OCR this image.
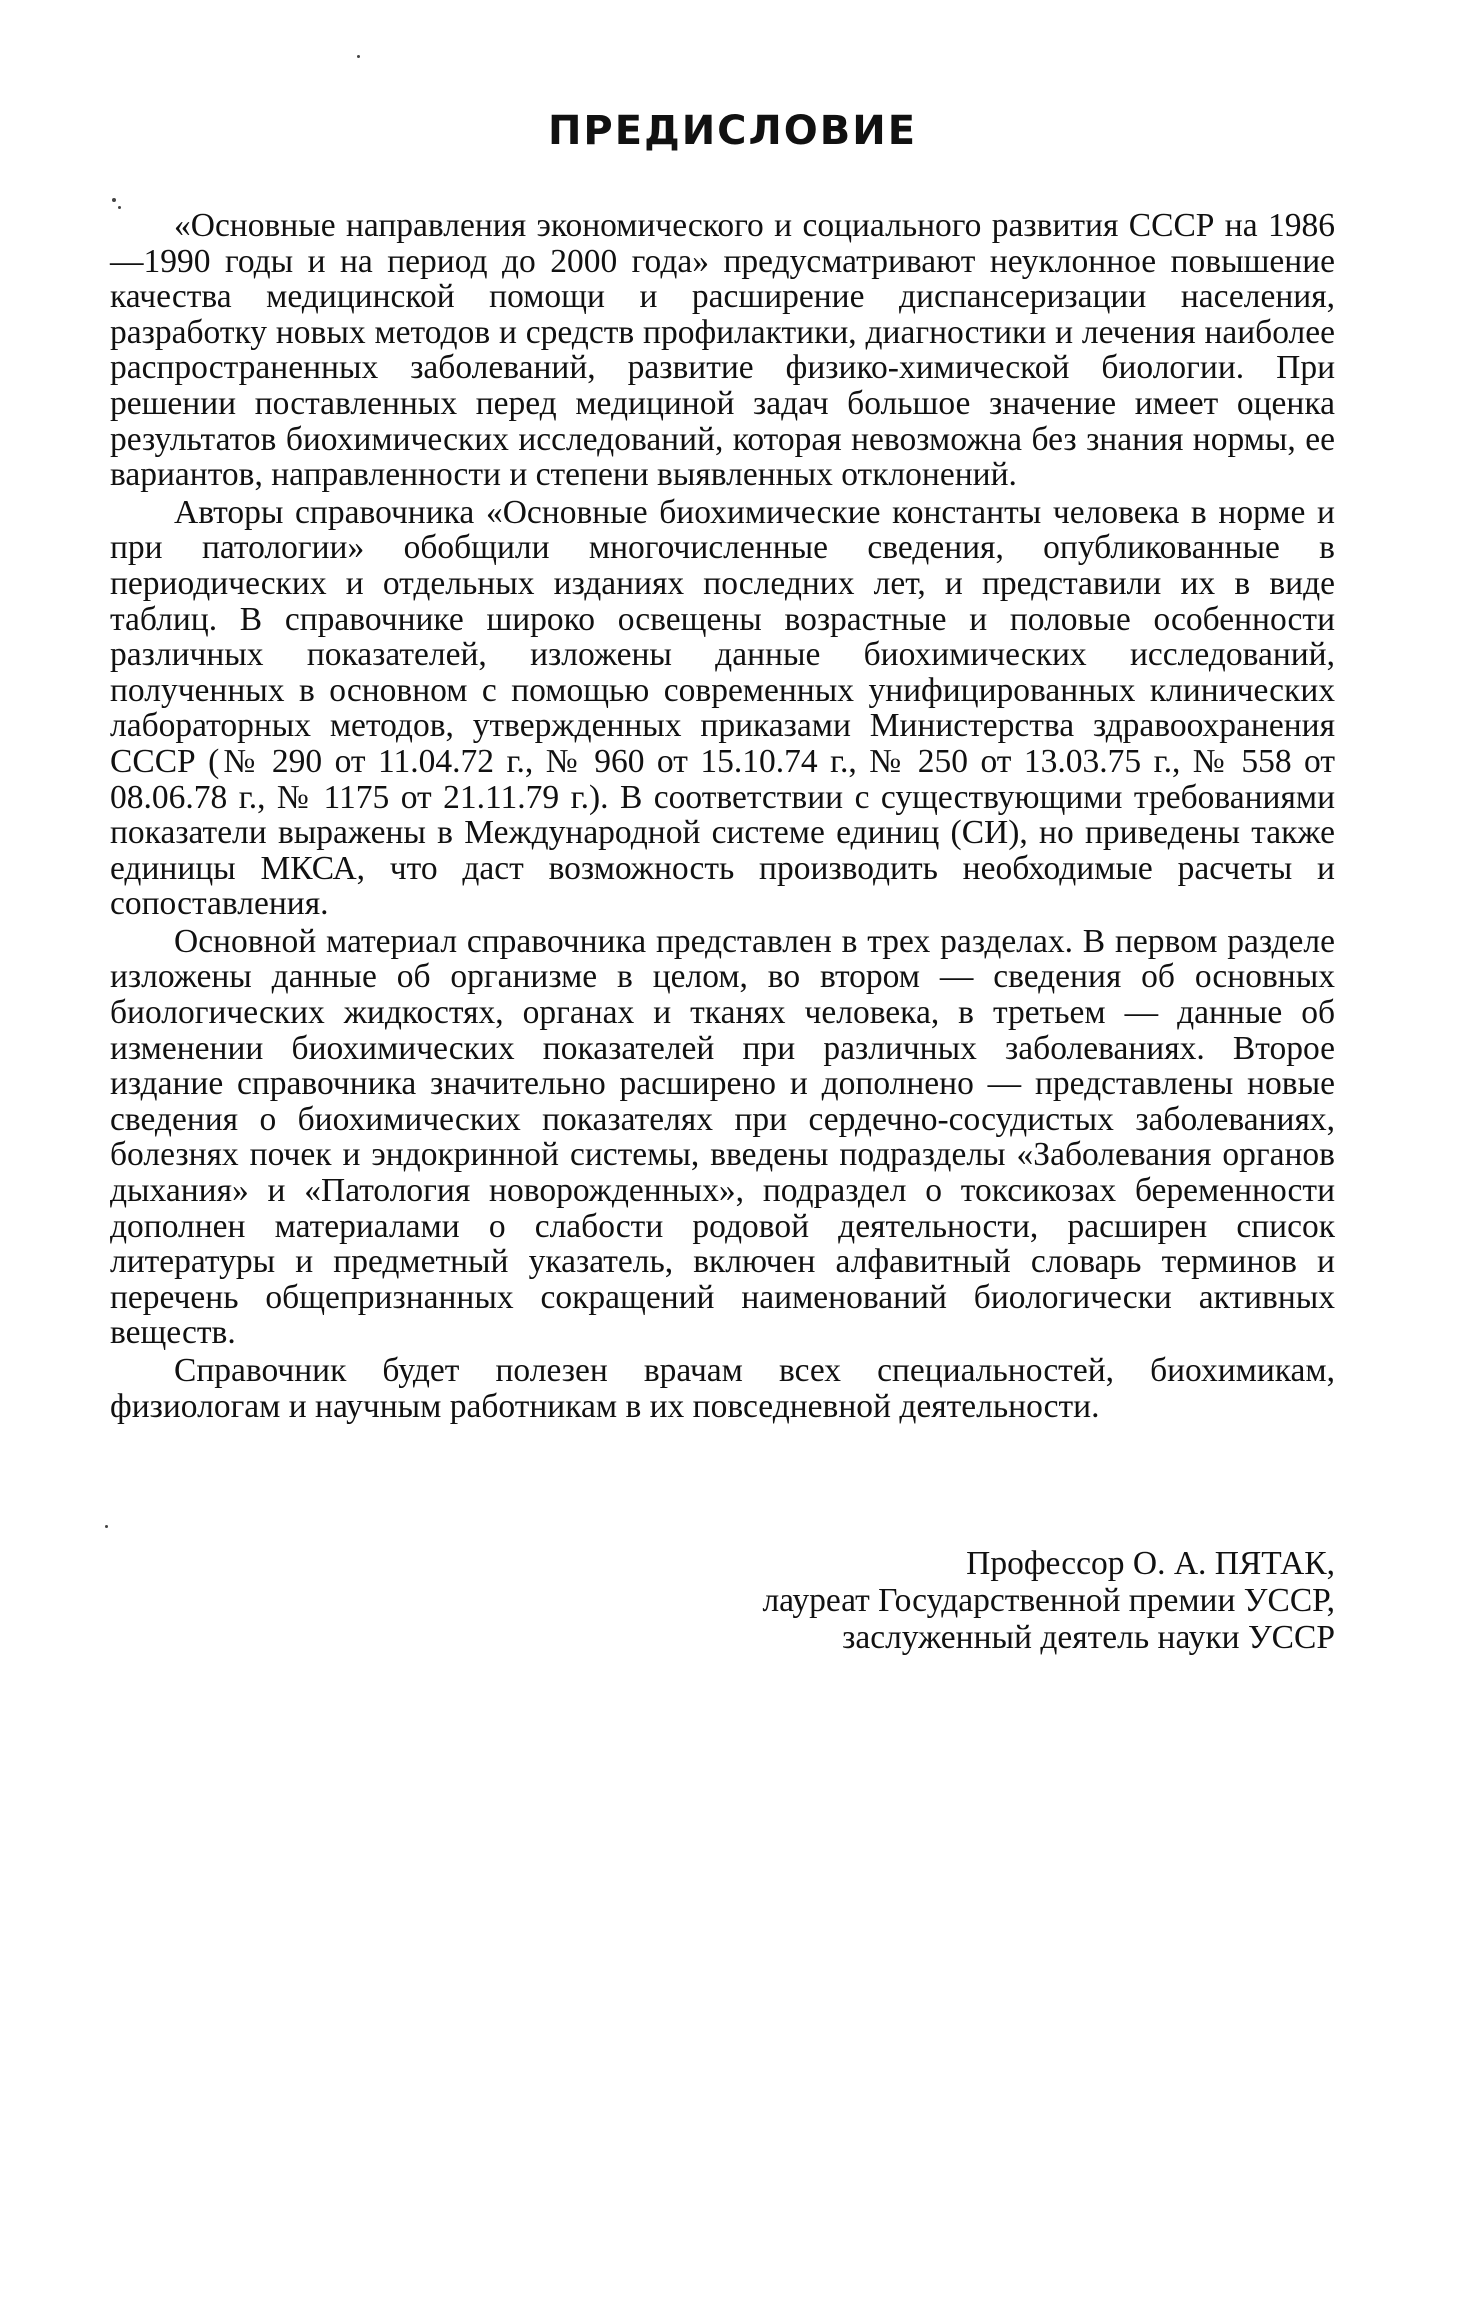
ПРЕДИСЛОВИЕ

«Основные направления экономического и социального развития СССР на 1986—1990 годы и на период до 2000 года» предусматривают неуклонное повышение качества медицинской помощи и расширение диспансеризации населения, разработку новых методов и средств профилактики, диагностики и лечения наиболее распространенных заболеваний, развитие физико-химической биологии. При решении поставленных перед медициной задач большое значение имеет оценка результатов биохимических исследований, которая невозможна без знания нормы, ее вариантов, направленности и степени выявленных отклонений.

Авторы справочника «Основные биохимические константы человека в норме и при патологии» обобщили многочисленные сведения, опубликованные в периодических и отдельных изданиях последних лет, и представили их в виде таблиц. В справочнике широко освещены возрастные и половые особенности различных показателей, изложены данные биохимических исследований, полученных в основном с помощью современных унифицированных клинических лабораторных методов, утвержденных приказами Министерства здравоохранения СССР (№ 290 от 11.04.72 г., № 960 от 15.10.74 г., № 250 от 13.03.75 г., № 558 от 08.06.78 г., № 1175 от 21.11.79 г.). В соответствии с существующими требованиями показатели выражены в Международной системе единиц (СИ), но приведены также единицы МКСА, что даст возможность производить необходимые расчеты и сопоставления.

Основной материал справочника представлен в трех разделах. В первом разделе изложены данные об организме в целом, во втором — сведения об основных биологических жидкостях, органах и тканях человека, в третьем — данные об изменении биохимических показателей при различных заболеваниях. Второе издание справочника значительно расширено и дополнено — представлены новые сведения о биохимических показателях при сердечно-сосудистых заболеваниях, болезнях почек и эндокринной системы, введены подразделы «Заболевания органов дыхания» и «Патология новорожденных», подраздел о токсикозах беременности дополнен материалами о слабости родовой деятельности, расширен список литературы и предметный указатель, включен алфавитный словарь терминов и перечень общепризнанных сокращений наименований биологически активных веществ.

Справочник будет полезен врачам всех специальностей, биохимикам, физиологам и научным работникам в их повседневной деятельности.

Профессор О. А. ПЯТАК,
лауреат Государственной премии УССР,
заслуженный деятель науки УССР
